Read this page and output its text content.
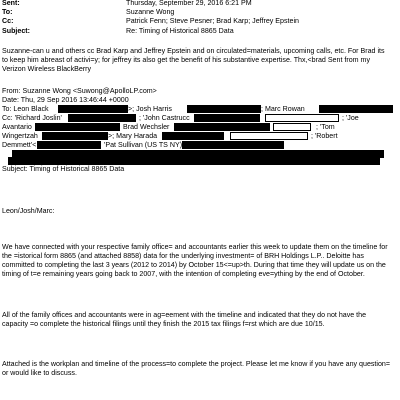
Sent:	Thursday, September 29, 2016 6:21 PM
To:	Suzanne Wong
Cc:	Patrick Fenn; Steve Pesner; Brad Karp; Jeffrey Epstein
Subject:	Re: Timing of Historical 8865 Data
Suzanne-can u and others cc Brad Karp and Jeffrey Epstein and on circulated=materials, upcoming calls, etc. For Brad its
to keep him abreast of activi=y; for jeffrey its also get the benefit of his substantive expertise. Thx,<brad Sent from my
Verizon Wireless BlackBerry
From: Suzanne Wong <Suwong@ApolloLP.com>
Date: Thu, 29 Sep 2016 13:46:44 +0000
To: Leon Black	>; Josh Harris	; Marc Rowan
Cc: 'Richard Joslin'	; 'John Castrucc	; 'Joe
Avantario	Brad Wechsler	; 'Tom
Wingertzah	>; Mary Harada	; 'Robert
Demmett'<	'Pat Sullivan (US TS NY)
Subject: Timing of Historical 8865 Data
Leon/Josh/Marc:
We have connected with your respective family office= and accountants earlier this week to update them on the timeline for the =istorical form 8865 (and attached 8858) data for the underlying investment= of BRH Holdings L.P.. Deloitte has committed to completing the last 3 years (2012 to 2014) by October 15<=up>th. During that time they will update us on the timing of t=e remaining years going back to 2007, with the intention of completing eve=ything by the end of October.
All of the family offices and accountants were in ag=eement with the timeline and indicated that they do not have the capacity =o complete the historical filings until they finish the 2015 tax filings f=rst which are due 10/15.
Attached is the workplan and timeline of the process=to complete the project. Please let me know if you have any question= or would like to discuss.
